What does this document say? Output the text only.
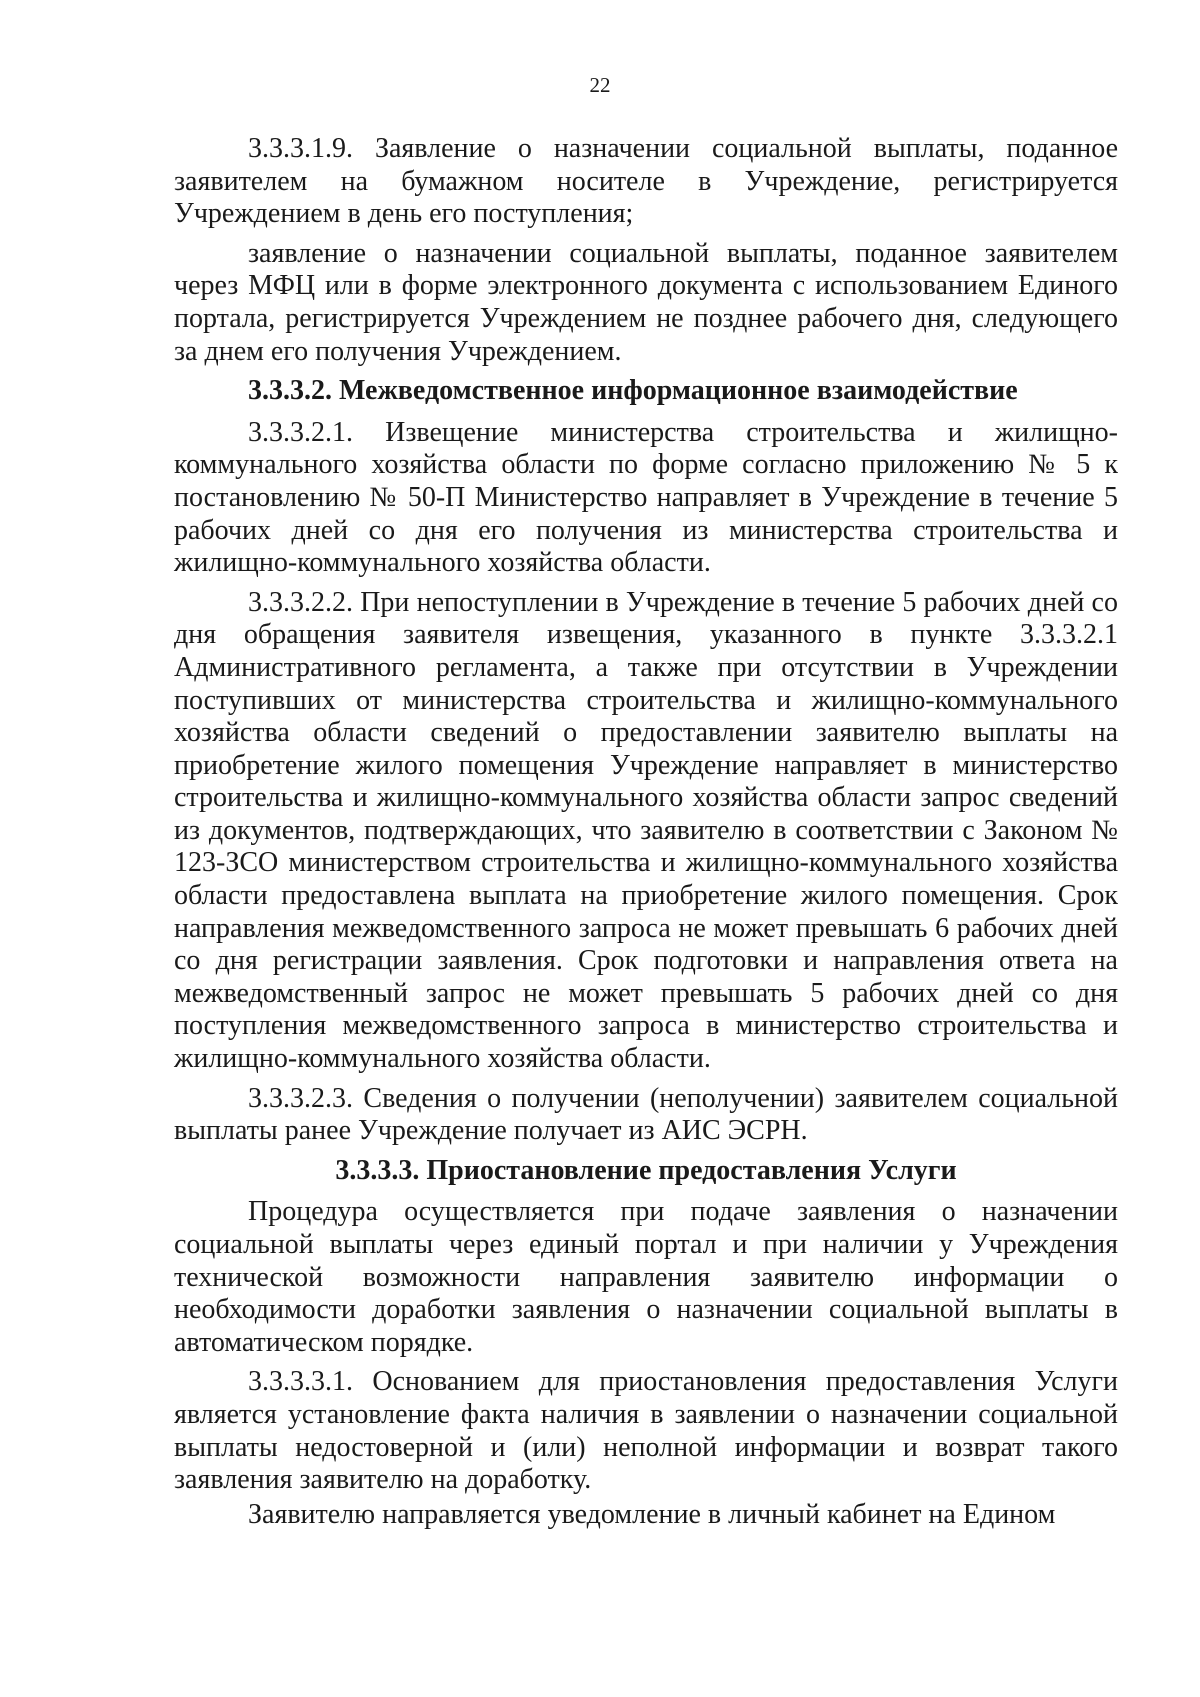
22

3.3.3.1.9. Заявление о назначении социальной выплаты, поданное заявителем на бумажном носителе в Учреждение, регистрируется Учреждением в день его поступления;

заявление о назначении социальной выплаты, поданное заявителем через МФЦ или в форме электронного документа с использованием Единого портала, регистрируется Учреждением не позднее рабочего дня, следующего за днем его получения Учреждением.

3.3.3.2. Межведомственное информационное взаимодействие

3.3.3.2.1. Извещение министерства строительства и жилищно-коммунального хозяйства области по форме согласно приложению № 5 к постановлению № 50-П Министерство направляет в Учреждение в течение 5 рабочих дней со дня его получения из министерства строительства и жилищно-коммунального хозяйства области.

3.3.3.2.2. При непоступлении в Учреждение в течение 5 рабочих дней со дня обращения заявителя извещения, указанного в пункте 3.3.3.2.1 Административного регламента, а также при отсутствии в Учреждении поступивших от министерства строительства и жилищно-коммунального хозяйства области сведений о предоставлении заявителю выплаты на приобретение жилого помещения Учреждение направляет в министерство строительства и жилищно-коммунального хозяйства области запрос сведений из документов, подтверждающих, что заявителю в соответствии с Законом № 123-ЗСО министерством строительства и жилищно-коммунального хозяйства области предоставлена выплата на приобретение жилого помещения. Срок направления межведомственного запроса не может превышать 6 рабочих дней со дня регистрации заявления. Срок подготовки и направления ответа на межведомственный запрос не может превышать 5 рабочих дней со дня поступления межведомственного запроса в министерство строительства и жилищно-коммунального хозяйства области.

3.3.3.2.3. Сведения о получении (неполучении) заявителем социальной выплаты ранее Учреждение получает из АИС ЭСРН.

3.3.3.3. Приостановление предоставления Услуги

Процедура осуществляется при подаче заявления о назначении социальной выплаты через единый портал и при наличии у Учреждения технической возможности направления заявителю информации о необходимости доработки заявления о назначении социальной выплаты в автоматическом порядке.

3.3.3.3.1. Основанием для приостановления предоставления Услуги является установление факта наличия в заявлении о назначении социальной выплаты недостоверной и (или) неполной информации и возврат такого заявления заявителю на доработку.

Заявителю направляется уведомление в личный кабинет на Едином
